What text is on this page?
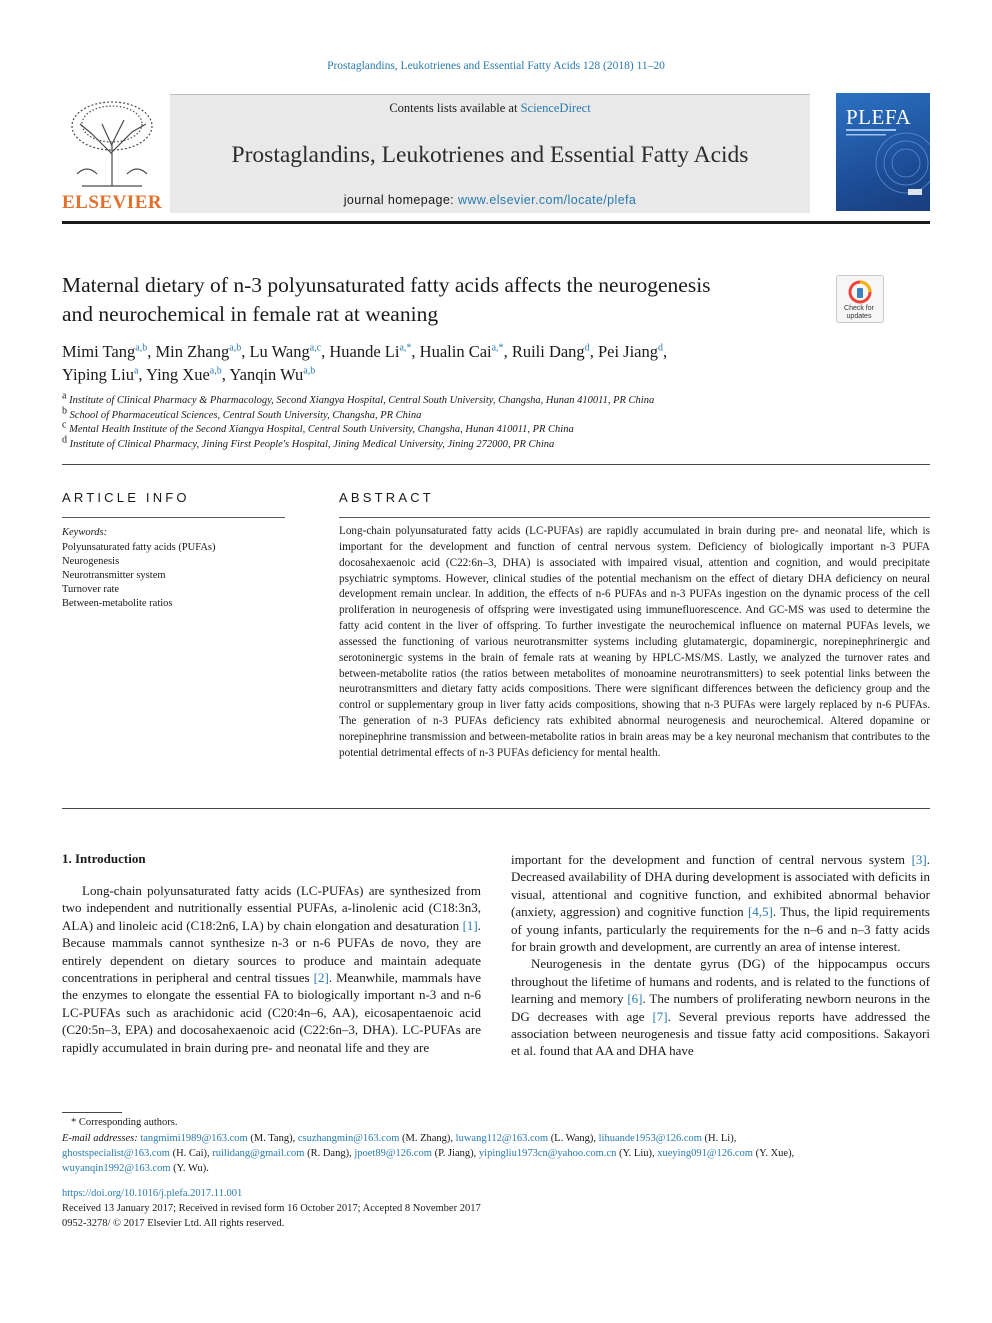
Prostaglandins, Leukotrienes and Essential Fatty Acids 128 (2018) 11–20
ELSEVIER
Contents lists available at ScienceDirect
Prostaglandins, Leukotrienes and Essential Fatty Acids
journal homepage: www.elsevier.com/locate/plefa
PLEFA
Maternal dietary of n-3 polyunsaturated fatty acids affects the neurogenesis
and neurochemical in female rat at weaning	Check for updates
Mimi Tang$^{a,b}$, Min Zhang$^{a,b}$, Lu Wang$^{a,c}$, Huande $Li^{a,*}$, Hualin Cai$^{a,*}$, Ruili Dang$^d$, Pei Jiang$^d$,
Yiping Liu$^a$, Ying Xue$^{a,b}$, Yanqin Wu$^{a,b}$
a Institute of Clinical Pharmacy & Pharmacology, Second Xiangya Hospital, Central South University, Changsha, Hunan 410011, PR China
b School of Pharmaceutical Sciences, Central South University, Changsha, PR China
c Mental Health Institute of the Second Xiangya Hospital, Central South University, Changsha, Hunan 410011, PR China
d Institute of Clinical Pharmacy, Jining First People's Hospital, Jining Medical University, Jining 272000, PR China
ARTICLE INFO
Keywords:
Polyunsaturated fatty acids (PUFAs)
Neurogenesis
Neurotransmitter system
Turnover rate
Between-metabolite ratios
ABSTRACT
Long-chain polyunsaturated fatty acids (LC-PUFAs) are rapidly accumulated in brain during pre- and neonatal life, which is important for the development and function of central nervous system. Deficiency of biologically important n-3 PUFA docosahexaenoic acid (C22:6n–3, DHA) is associated with impaired visual, attention and cognition, and would precipitate psychiatric symptoms. However, clinical studies of the potential mechanism on the effect of dietary DHA deficiency on neural development remain unclear. In addition, the effects of n-6 PUFAs and n-3 PUFAs ingestion on the dynamic process of the cell proliferation in neurogenesis of offspring were investigated using immunefluorescence. And GC-MS was used to determine the fatty acid content in the liver of offspring. To further investigate the neurochemical influence on maternal PUFAs levels, we assessed the functioning of various neurotransmitter systems including glutamatergic, dopaminergic, norepinephrinergic and serotoninergic systems in the brain of female rats at weaning by HPLC-MS/MS. Lastly, we analyzed the turnover rates and between-metabolite ratios (the ratios between metabolites of monoamine neurotransmitters) to seek potential links between the neurotransmitters and dietary fatty acids compositions. There were significant differences between the deficiency group and the control or supplementary group in liver fatty acids compositions, showing that n-3 PUFAs were largely replaced by n-6 PUFAs. The generation of n-3 PUFAs deficiency rats exhibited abnormal neurogenesis and neurochemical. Altered dopamine or norepinephrine transmission and between-metabolite ratios in brain areas may be a key neuronal mechanism that contributes to the potential detrimental effects of n-3 PUFAs deficiency for mental health.
1. Introduction

Long-chain polyunsaturated fatty acids (LC-PUFAs) are synthesized from two independent and nutritionally essential PUFAs, a-linolenic acid (C18:3n3, ALA) and linoleic acid (C18:2n6, LA) by chain elongation and desaturation [1]. Because mammals cannot synthesize n-3 or n-6 PUFAs de novo, they are entirely dependent on dietary sources to produce and maintain adequate concentrations in peripheral and central tissues [2]. Meanwhile, mammals have the enzymes to elongate the essential FA to biologically important n-3 and n-6 LC-PUFAs such as arachidonic acid (C20:4n–6, AA), eicosapentaenoic acid (C20:5n–3, EPA) and docosahexaenoic acid (C22:6n–3, DHA). LC-PUFAs are rapidly accumulated in brain during pre- and neonatal life and they are

important for the development and function of central nervous system [3]. Decreased availability of DHA during development is associated with deficits in visual, attentional and cognitive function, and exhibited abnormal behavior (anxiety, aggression) and cognitive function [4,5]. Thus, the lipid requirements of young infants, particularly the requirements for the n–6 and n–3 fatty acids for brain growth and development, are currently an area of intense interest.

Neurogenesis in the dentate gyrus (DG) of the hippocampus occurs throughout the lifetime of humans and rodents, and is related to the functions of learning and memory [6]. The numbers of proliferating newborn neurons in the DG decreases with age [7]. Several previous reports have addressed the association between neurogenesis and tissue fatty acid compositions. Sakayori et al. found that AA and DHA have

* Corresponding authors.
E-mail addresses: tangmimi1989@163.com (M. Tang), csuzhangmin@163.com (M. Zhang), luwang112@163.com (L. Wang), lihuande1953@126.com (H. Li),
ghostspecialist@163.com (H. Cai), ruilidang@gmail.com (R. Dang), jpoet89@126.com (P. Jiang), yipingliu1973cn@yahoo.com.cn (Y. Liu), xueying091@126.com (Y. Xue),
wuyanqin1992@163.com (Y. Wu).
https://doi.org/10.1016/j.plefa.2017.11.001
Received 13 January 2017; Received in revised form 16 October 2017; Accepted 8 November 2017
0952-3278/ © 2017 Elsevier Ltd. All rights reserved.
